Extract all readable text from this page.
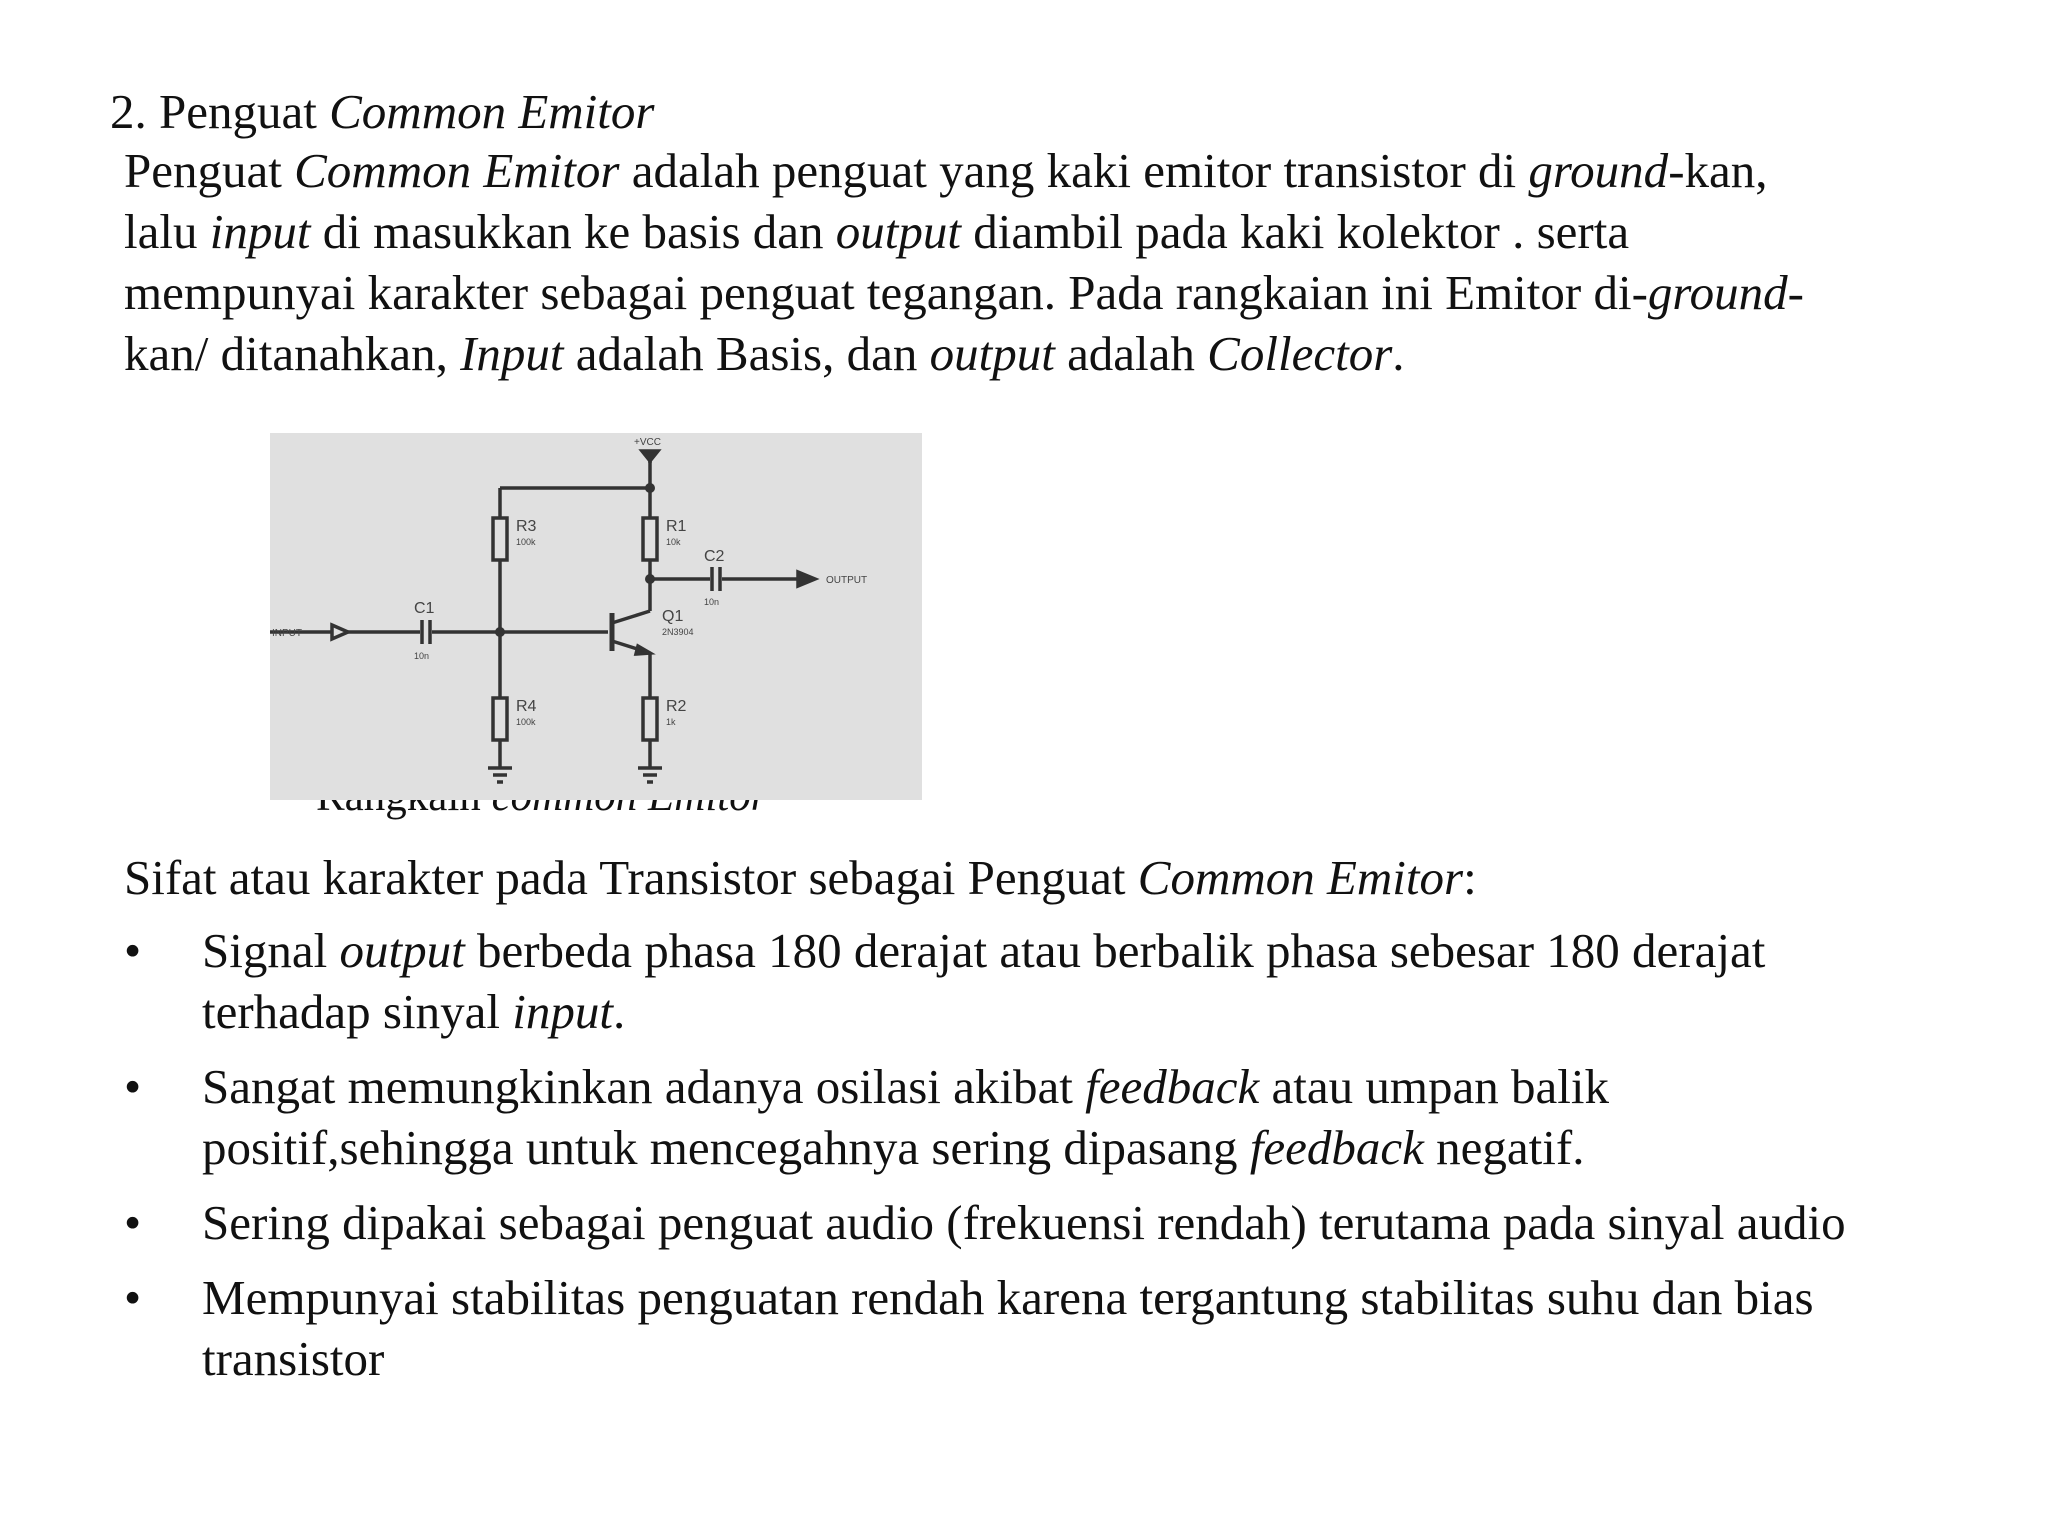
2. Penguat Common Emitor

Penguat Common Emitor adalah penguat yang kaki emitor transistor di ground-kan,

lalu input di masukkan ke basis dan output diambil pada kaki kolektor . serta

mempunyai karakter sebagai penguat tegangan. Pada rangkaian ini Emitor di-ground-

kan/ ditanahkan, Input adalah Basis, dan output adalah Collector.

+VCC
R3
100k
R1
10k
C2
10n
OUTPUT
INPUT
C1
10n
Q1
2N3904
R4
100k
R2
1k
Sifat atau karakter pada Transistor sebagai Penguat Common Emitor:
• Signal output berbeda phasa 180 derajat atau berbalik phasa sebesar 180 derajat
terhadap sinyal input.
• Sangat memungkinkan adanya osilasi akibat feedback atau umpan balik
positif,sehingga untuk mencegahnya sering dipasang feedback negatif.
• Sering dipakai sebagai penguat audio (frekuensi rendah) terutama pada sinyal audio
• Mempunyai stabilitas penguatan rendah karena tergantung stabilitas suhu dan bias
transistor
